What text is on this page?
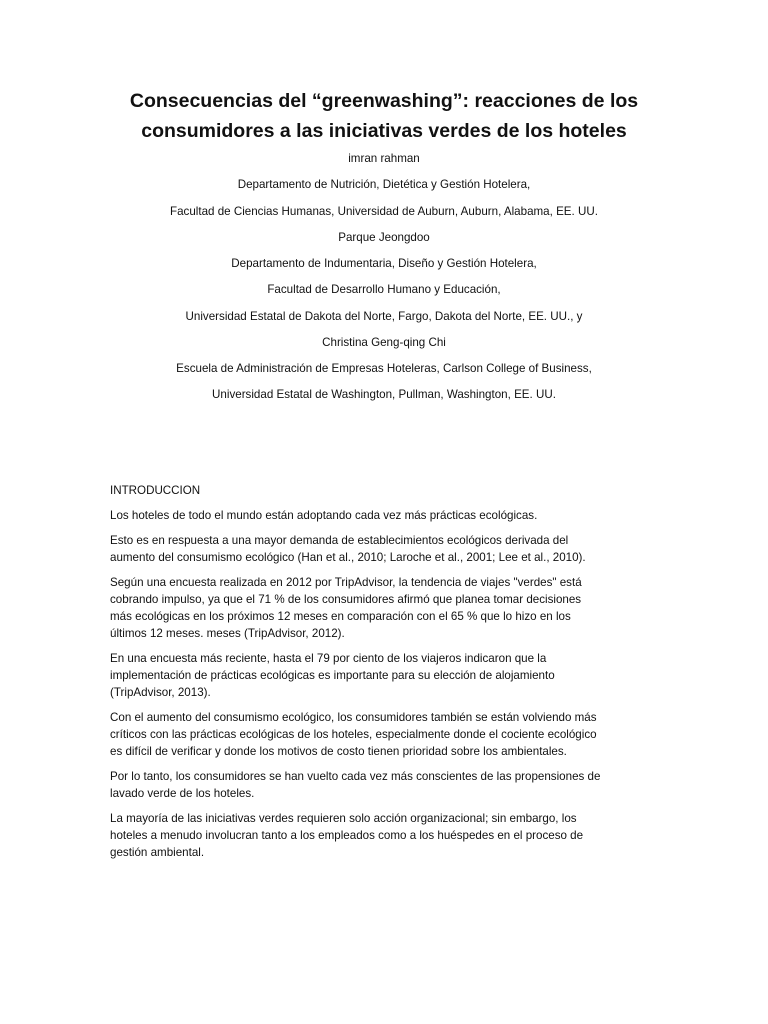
Consecuencias del “greenwashing”: reacciones de los
consumidores a las iniciativas verdes de los hoteles
imran rahman
Departamento de Nutrición, Dietética y Gestión Hotelera,
Facultad de Ciencias Humanas, Universidad de Auburn, Auburn, Alabama, EE. UU.
Parque Jeongdoo
Departamento de Indumentaria, Diseño y Gestión Hotelera,
Facultad de Desarrollo Humano y Educación,
Universidad Estatal de Dakota del Norte, Fargo, Dakota del Norte, EE. UU., y
Christina Geng-qing Chi
Escuela de Administración de Empresas Hoteleras, Carlson College of Business,
Universidad Estatal de Washington, Pullman, Washington, EE. UU.
INTRODUCCION

Los hoteles de todo el mundo están adoptando cada vez más prácticas ecológicas.

Esto es en respuesta a una mayor demanda de establecimientos ecológicos derivada del
aumento del consumismo ecológico (Han et al., 2010; Laroche et al., 2001; Lee et al., 2010).

Según una encuesta realizada en 2012 por TripAdvisor, la tendencia de viajes "verdes" está
cobrando impulso, ya que el 71 % de los consumidores afirmó que planea tomar decisiones
más ecológicas en los próximos 12 meses en comparación con el 65 % que lo hizo en los
últimos 12 meses. meses (TripAdvisor, 2012).

En una encuesta más reciente, hasta el 79 por ciento de los viajeros indicaron que la
implementación de prácticas ecológicas es importante para su elección de alojamiento
(TripAdvisor, 2013).

Con el aumento del consumismo ecológico, los consumidores también se están volviendo más
críticos con las prácticas ecológicas de los hoteles, especialmente donde el cociente ecológico
es difícil de verificar y donde los motivos de costo tienen prioridad sobre los ambientales.

Por lo tanto, los consumidores se han vuelto cada vez más conscientes de las propensiones de
lavado verde de los hoteles.

La mayoría de las iniciativas verdes requieren solo acción organizacional; sin embargo, los
hoteles a menudo involucran tanto a los empleados como a los huéspedes en el proceso de
gestión ambiental.
